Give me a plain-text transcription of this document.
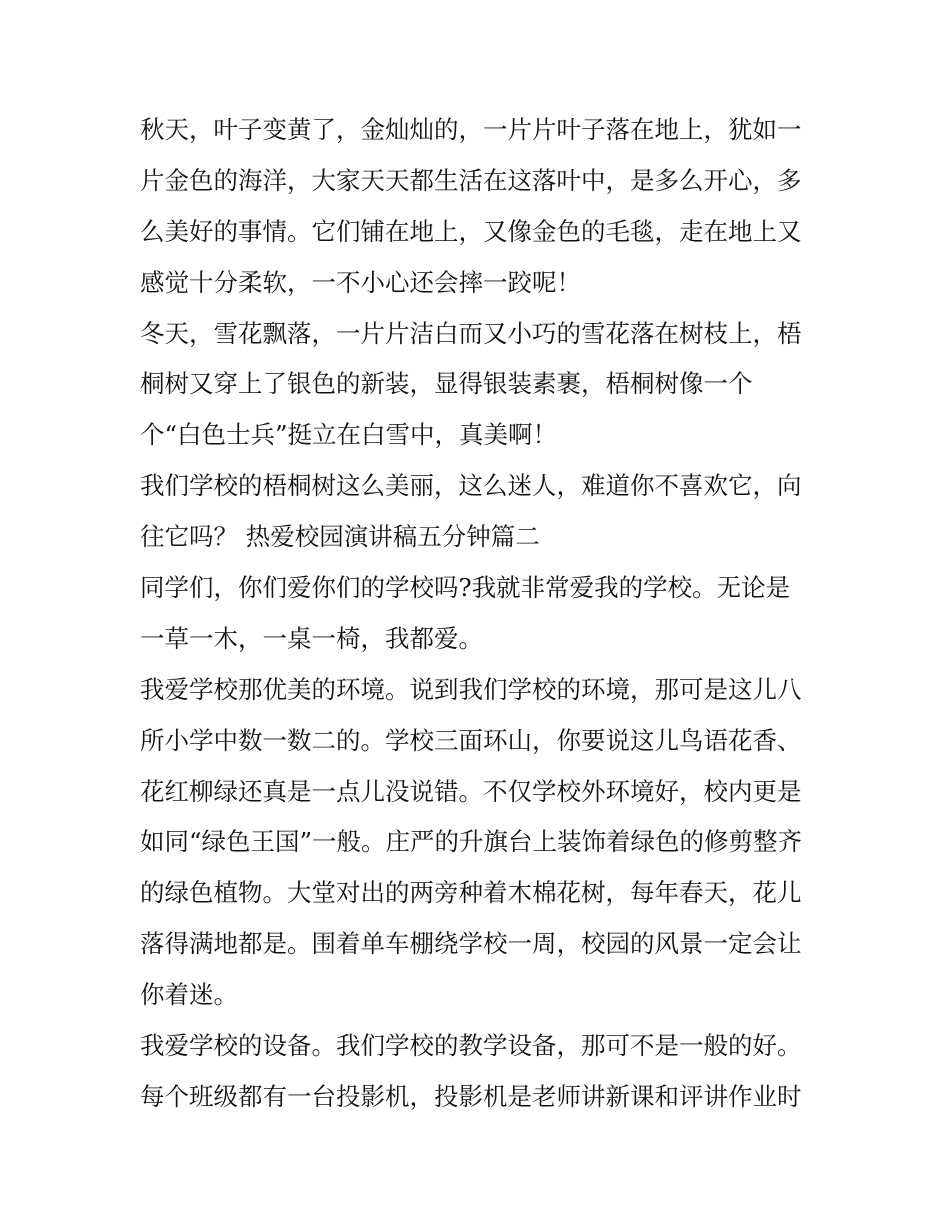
秋天，叶子变黄了，金灿灿的，一片片叶子落在地上，犹如一
片金色的海洋，大家天天都生活在这落叶中，是多么开心，多
么美好的事情。它们铺在地上，又像金色的毛毯，走在地上又
感觉十分柔软，一不小心还会摔一跤呢！
冬天，雪花飘落，一片片洁白而又小巧的雪花落在树枝上，梧
桐树又穿上了银色的新装，显得银装素裹，梧桐树像一个
个“白色士兵”挺立在白雪中，真美啊！
我们学校的梧桐树这么美丽，这么迷人，难道你不喜欢它，向
往它吗？ 热爱校园演讲稿五分钟篇二
同学们，你们爱你们的学校吗?我就非常爱我的学校。无论是
一草一木，一桌一椅，我都爱。
我爱学校那优美的环境。说到我们学校的环境，那可是这儿八
所小学中数一数二的。学校三面环山，你要说这儿鸟语花香、
花红柳绿还真是一点儿没说错。不仅学校外环境好，校内更是
如同“绿色王国”一般。庄严的升旗台上装饰着绿色的修剪整齐
的绿色植物。大堂对出的两旁种着木棉花树，每年春天，花儿
落得满地都是。围着单车棚绕学校一周，校园的风景一定会让
你着迷。
我爱学校的设备。我们学校的教学设备，那可不是一般的好。
每个班级都有一台投影机，投影机是老师讲新课和评讲作业时
